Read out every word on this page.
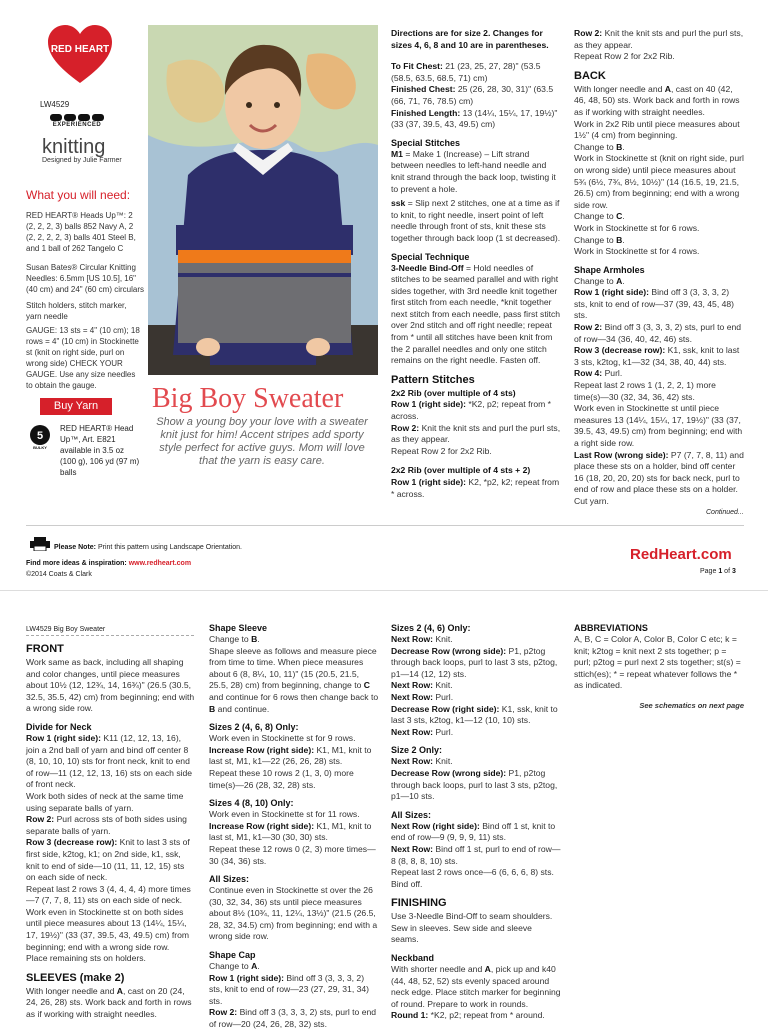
RED HEART
LW4529
EXPERIENCED
knitting
Designed by Julie Farmer
What you will need:
RED HEART® Heads Up™: 2 (2, 2, 2, 3) balls 852 Navy A, 2 (2, 2, 2, 2, 3) balls 401 Steel B, and 1 ball of 262 Tangelo C
Susan Bates® Circular Knitting Needles: 6.5mm [US 10.5], 16" (40 cm) and 24" (60 cm) circulars
Stitch holders, stitch marker, yarn needle
GAUGE: 13 sts = 4" (10 cm); 18 rows = 4" (10 cm) in Stockinette st (knit on right side, purl on wrong side) CHECK YOUR GAUGE. Use any size needles to obtain the gauge.
Buy Yarn
5
BULKY
RED HEART® Head Up™, Art. E821 available in 3.5 oz (100 g), 106 yd (97 m) balls
Big Boy Sweater
Show a young boy your love with a sweater knit just for him! Accent stripes add sporty style perfect for active guys. Mom will love that the yarn is easy care.

Directions are for size 2. Changes for sizes 4, 6, 8 and 10 are in parentheses.

To Fit Chest: 21 (23, 25, 27, 28)" (53.5 (58.5, 63.5, 68.5, 71) cm)

Finished Chest: 25 (26, 28, 30, 31)" (63.5 (66, 71, 76, 78.5) cm)

Finished Length: 13 (14¼, 15¼, 17, 19½)" (33 (37, 39.5, 43, 49.5) cm)

Special Stitches

M1 = Make 1 (Increase) – Lift strand between needles to left-hand needle and knit strand through the back loop, twisting it to prevent a hole.

ssk = Slip next 2 stitches, one at a time as if to knit, to right needle, insert point of left needle through front of sts, knit these sts together through back loop (1 st decreased).

Special Technique

3-Needle Bind-Off = Hold needles of stitches to be seamed parallel and with right sides together, with 3rd needle knit together first stitch from each needle, *knit together next stitch from each needle, pass first stitch over 2nd stitch and off right needle; repeat from * until all stitches have been knit from the 2 parallel needles and only one stitch remains on the right needle. Fasten off.

Pattern Stitches

2x2 Rib (over multiple of 4 sts)

Row 1 (right side): *K2, p2; repeat from * across.

Row 2: Knit the knit sts and purl the purl sts, as they appear.

Repeat Row 2 for 2x2 Rib.

2x2 Rib (over multiple of 4 sts + 2)

Row 1 (right side): K2, *p2, k2; repeat from * across.

Row 2: Knit the knit sts and purl the purl sts, as they appear.

Repeat Row 2 for 2x2 Rib.

BACK

With longer needle and A, cast on 40 (42, 46, 48, 50) sts. Work back and forth in rows as if working with straight needles.

Work in 2x2 Rib until piece measures about 1½" (4 cm) from beginning.

Change to B.

Work in Stockinette st (knit on right side, purl on wrong side) until piece measures about 5¾ (6½, 7¾, 8½, 10½)" (14 (16.5, 19, 21.5, 26.5) cm) from beginning; end with a wrong side row.

Change to C.

Work in Stockinette st for 6 rows.

Change to B.

Work in Stockinette st for 4 rows.

Shape Armholes

Change to A.

Row 1 (right side): Bind off 3 (3, 3, 3, 2) sts, knit to end of row—37 (39, 43, 45, 48) sts.

Row 2: Bind off 3 (3, 3, 3, 2) sts, purl to end of row—34 (36, 40, 42, 46) sts.

Row 3 (decrease row): K1, ssk, knit to last 3 sts, k2tog, k1—32 (34, 38, 40, 44) sts.

Row 4: Purl.

Repeat last 2 rows 1 (1, 2, 2, 1) more time(s)—30 (32, 34, 36, 42) sts.

Work even in Stockinette st until piece measures 13 (14¼, 15¼, 17, 19½)" (33 (37, 39.5, 43, 49.5) cm) from beginning; end with a right side row.

Last Row (wrong side): P7 (7, 7, 8, 11) and place these sts on a holder, bind off center 16 (18, 20, 20, 20) sts for back neck, purl to end of row and place these sts on a holder.

Cut yarn.

Continued...
Please Note: Print this pattern using Landscape Orientation.
Find more ideas & inspiration: www.redheart.com
©2014 Coats & Clark
RedHeart.com
Page 1 of 3
LW4529 Big Boy Sweater
FRONT

Work same as back, including all shaping and color changes, until piece measures about 10½ (12, 12¾, 14, 16¾)" (26.5 (30.5, 32.5, 35.5, 42) cm) from beginning; end with a wrong side row.

Divide for Neck

Row 1 (right side): K11 (12, 12, 13, 16), join a 2nd ball of yarn and bind off center 8 (8, 10, 10, 10) sts for front neck, knit to end of row—11 (12, 12, 13, 16) sts on each side of front neck.

Work both sides of neck at the same time using separate balls of yarn.

Row 2: Purl across sts of both sides using separate balls of yarn.

Row 3 (decrease row): Knit to last 3 sts of first side, k2tog, k1; on 2nd side, k1, ssk, knit to end of side—10 (11, 11, 12, 15) sts on each side of neck.

Repeat last 2 rows 3 (4, 4, 4, 4) more times—7 (7, 7, 8, 11) sts on each side of neck.

Work even in Stockinette st on both sides until piece measures about 13 (14¼, 15¼, 17, 19½)" (33 (37, 39.5, 43, 49.5) cm) from beginning; end with a wrong side row.

Place remaining sts on holders.

SLEEVES (make 2)

With longer needle and A, cast on 20 (24, 24, 26, 28) sts. Work back and forth in rows as if working with straight needles.

Shape Sleeve

Change to B.

Shape sleeve as follows and measure piece from time to time. When piece measures about 6 (8, 8¼, 10, 11)" (15 (20.5, 21.5, 25.5, 28) cm) from beginning, change to C and continue for 6 rows then change back to B and continue.

Sizes 2 (4, 6, 8) Only:

Work even in Stockinette st for 9 rows.

Increase Row (right side): K1, M1, knit to last st, M1, k1—22 (26, 26, 28) sts.

Repeat these 10 rows 2 (1, 3, 0) more time(s)—26 (28, 32, 28) sts.

Sizes 4 (8, 10) Only:

Work even in Stockinette st for 11 rows.

Increase Row (right side): K1, M1, knit to last st, M1, k1—30 (30, 30) sts.

Repeat these 12 rows 0 (2, 3) more times—30 (34, 36) sts.

All Sizes:

Continue even in Stockinette st over the 26 (30, 32, 34, 36) sts until piece measures about 8½ (10¾, 11, 12¼, 13½)" (21.5 (26.5, 28, 32, 34.5) cm) from beginning; end with a wrong side row.

Shape Cap

Change to A.

Row 1 (right side): Bind off 3 (3, 3, 3, 2) sts, knit to end of row—23 (27, 29, 31, 34) sts.

Row 2: Bind off 3 (3, 3, 3, 2) sts, purl to end of row—20 (24, 26, 28, 32) sts.

Sizes 2 (4, 6) Only:

Next Row: Knit.

Decrease Row (wrong side): P1, p2tog through back loops, purl to last 3 sts, p2tog, p1—14 (12, 12) sts.

Next Row: Knit.

Next Row: Purl.

Decrease Row (right side): K1, ssk, knit to last 3 sts, k2tog, k1—12 (10, 10) sts.

Next Row: Purl.

Size 2 Only:

Next Row: Knit.

Decrease Row (wrong side): P1, p2tog through back loops, purl to last 3 sts, p2tog, p1—10 sts.

All Sizes:

Next Row (right side): Bind off 1 st, knit to end of row—9 (9, 9, 9, 11) sts.

Next Row: Bind off 1 st, purl to end of row—8 (8, 8, 8, 10) sts.

Repeat last 2 rows once—6 (6, 6, 6, 8) sts.

Bind off.

FINISHING

Use 3-Needle Bind-Off to seam shoulders. Sew in sleeves. Sew side and sleeve seams.

Neckband

With shorter needle and A, pick up and k40 (44, 48, 52, 52) sts evenly spaced around neck edge. Place stitch marker for beginning of round. Prepare to work in rounds.

Round 1: *K2, p2; repeat from * around.

ABBREVIATIONS

A, B, C = Color A, Color B, Color C etc; k = knit; k2tog = knit next 2 sts together; p = purl; p2tog = purl next 2 sts together; st(s) = sttich(es); * = repeat whatever follows the * as indicated.

See schematics on next page
